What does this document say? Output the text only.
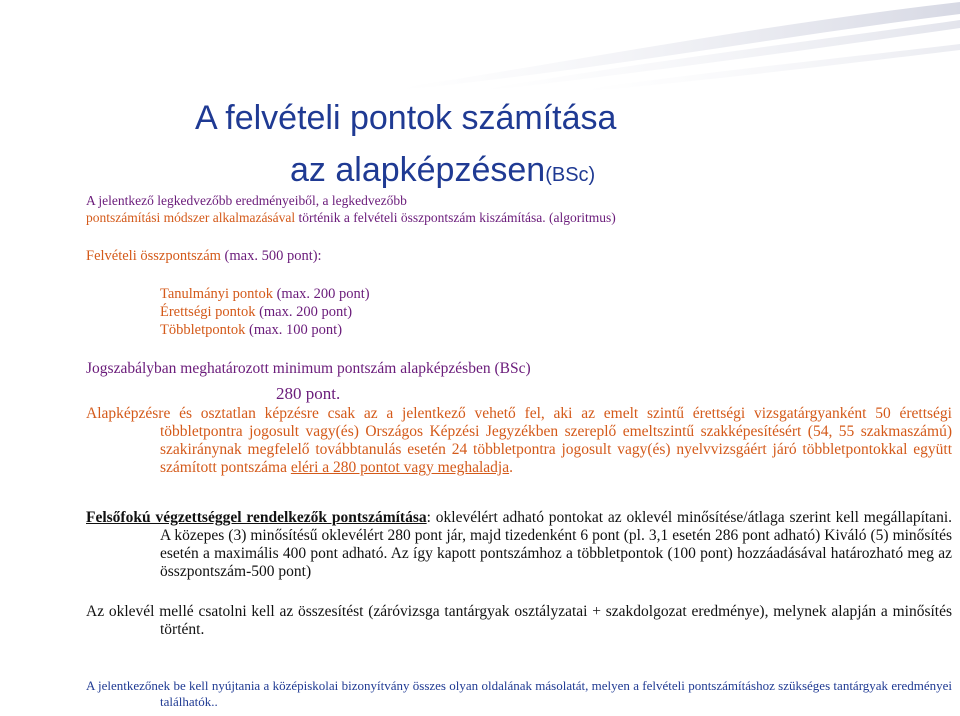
A felvételi pontok számítása
az alapképzésen(BSc)
A jelentkező legkedvezőbb eredményeiből, a legkedvezőbb
pontszámítási módszer alkalmazásával történik a felvételi összpontszám kiszámítása. (algoritmus)
Felvételi összpontszám (max. 500 pont):
Tanulmányi pontok (max. 200 pont)
Érettségi pontok (max. 200 pont)
Többletpontok (max. 100 pont)
Jogszabályban meghatározott minimum pontszám alapképzésben (BSc)
280 pont.
Alapképzésre és osztatlan képzésre csak az a jelentkező vehető fel, aki az emelt szintű érettségi vizsgatárgyanként 50 érettségi többletpontra jogosult vagy(és) Országos Képzési Jegyzékben szereplő emeltszintű szakképesítésért (54, 55 szakmaszámú) szakiránynak megfelelő továbbtanulás esetén 24 többletpontra jogosult vagy(és) nyelvvizsgáért járó többletpontokkal együtt számított pontszáma eléri a 280 pontot vagy meghaladja.
Felsőfokú végzettséggel rendelkezők pontszámítása: oklevélért adható pontokat az oklevél minősítése/átlaga szerint kell megállapítani. A közepes (3) minősítésű oklevélért 280 pont jár, majd tizedenként 6 pont (pl. 3,1 esetén 286 pont adható) Kiváló (5) minősítés esetén a maximális 400 pont adható. Az így kapott pontszámhoz a többletpontok (100 pont) hozzáadásával határozható meg az összpontszám-500 pont)
Az oklevél mellé csatolni kell az összesítést (záróvizsga tantárgyak osztályzatai + szakdolgozat eredménye), melynek alapján a minősítés történt.
A jelentkezőnek be kell nyújtania a középiskolai bizonyítvány összes olyan oldalának másolatát, melyen a felvételi pontszámításhoz szükséges tantárgyak eredményei találhatók..
